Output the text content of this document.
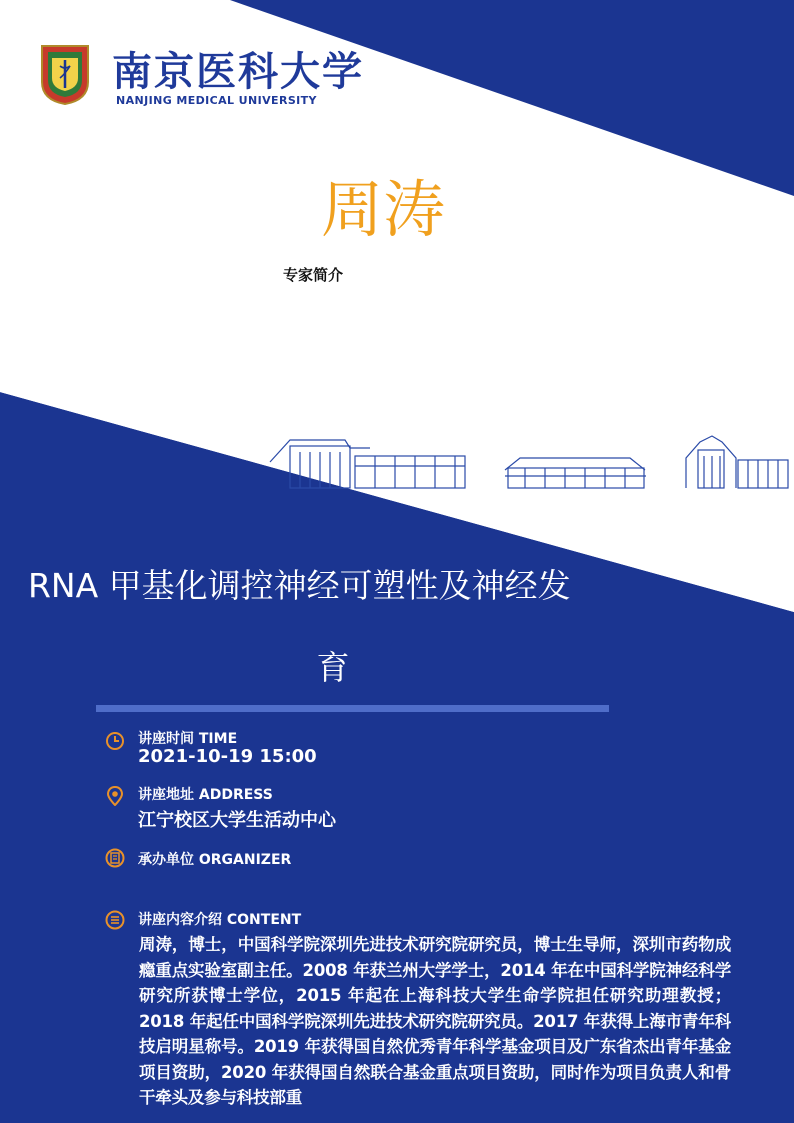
南京医科大学
NANJING MEDICAL UNIVERSITY
周涛
专家简介
RNA 甲基化调控神经可塑性及神经发
育
讲座时间 TIME
2021-10-19 15:00
讲座地址 ADDRESS
江宁校区大学生活动中心
承办单位 ORGANIZER
讲座内容介绍 CONTENT
周涛，博士，中国科学院深圳先进技术研究院研究员，博士生导师，深圳市药物成瘾重点实验室副主任。2008 年获兰州大学学士，2014 年在中国科学院神经科学研究所获博士学位，2015 年起在上海科技大学生命学院担任研究助理教授；2018 年起任中国科学院深圳先进技术研究院研究员。2017 年获得上海市青年科技启明星称号。2019 年获得国自然优秀青年科学基金项目及广东省杰出青年基金项目资助，2020 年获得国自然联合基金重点项目资助，同时作为项目负责人和骨干牵头及参与科技部重
